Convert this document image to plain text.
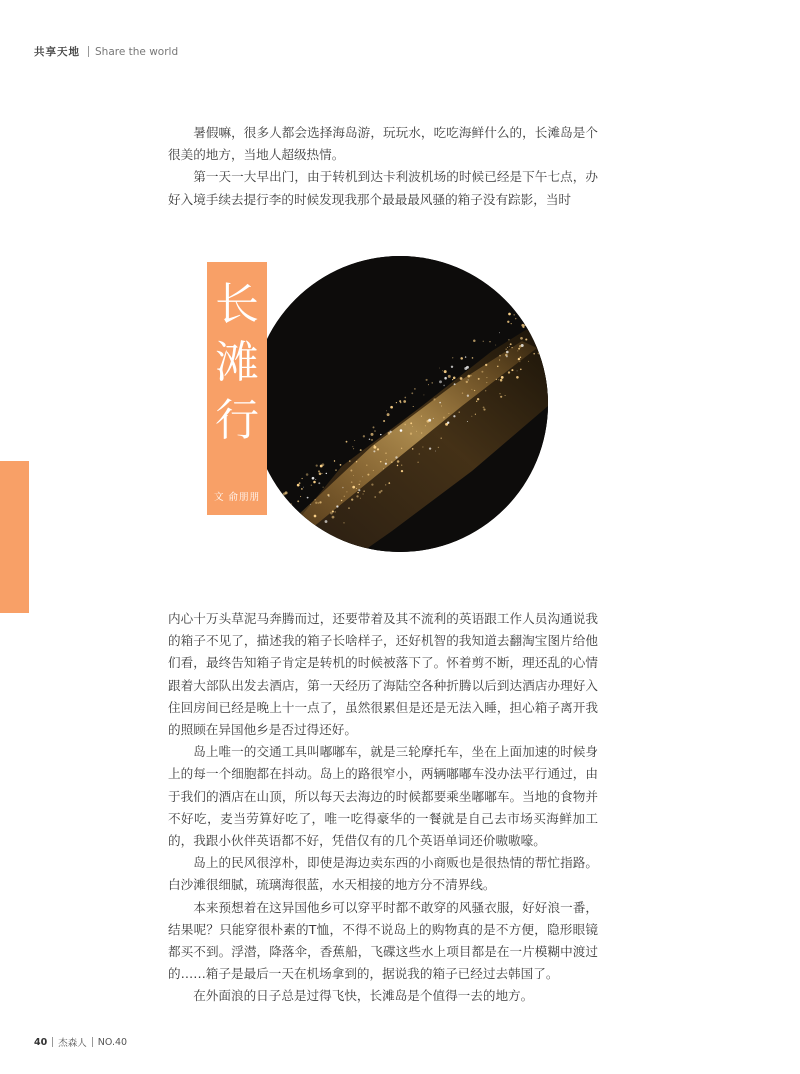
共享天地 Share the world

暑假嘛，很多人都会选择海岛游，玩玩水，吃吃海鲜什么的，长滩岛是个很美的地方，当地人超级热情。

第一天一大早出门，由于转机到达卡利波机场的时候已经是下午七点，办好入境手续去提行李的时候发现我那个最最最风骚的箱子没有踪影，当时

长
滩
行
文 俞朋朋

内心十万头草泥马奔腾而过，还要带着及其不流利的英语跟工作人员沟通说我的箱子不见了，描述我的箱子长啥样子，还好机智的我知道去翻淘宝图片给他们看，最终告知箱子肯定是转机的时候被落下了。怀着剪不断，理还乱的心情跟着大部队出发去酒店，第一天经历了海陆空各种折腾以后到达酒店办理好入住回房间已经是晚上十一点了，虽然很累但是还是无法入睡，担心箱子离开我的照顾在异国他乡是否过得还好。

岛上唯一的交通工具叫嘟嘟车，就是三轮摩托车，坐在上面加速的时候身上的每一个细胞都在抖动。岛上的路很窄小，两辆嘟嘟车没办法平行通过，由于我们的酒店在山顶，所以每天去海边的时候都要乘坐嘟嘟车。当地的食物并不好吃，麦当劳算好吃了，唯一吃得豪华的一餐就是自己去市场买海鲜加工的，我跟小伙伴英语都不好，凭借仅有的几个英语单词还价嗷嗷嚎。

岛上的民风很淳朴，即使是海边卖东西的小商贩也是很热情的帮忙指路。白沙滩很细腻，琉璃海很蓝，水天相接的地方分不清界线。

本来预想着在这异国他乡可以穿平时都不敢穿的风骚衣服，好好浪一番，结果呢？只能穿很朴素的T恤，不得不说岛上的购物真的是不方便，隐形眼镜都买不到。浮潜，降落伞，香蕉船，飞碟这些水上项目都是在一片模糊中渡过的……箱子是最后一天在机场拿到的，据说我的箱子已经过去韩国了。

在外面浪的日子总是过得飞快，长滩岛是个值得一去的地方。

40 杰森人 NO.40
